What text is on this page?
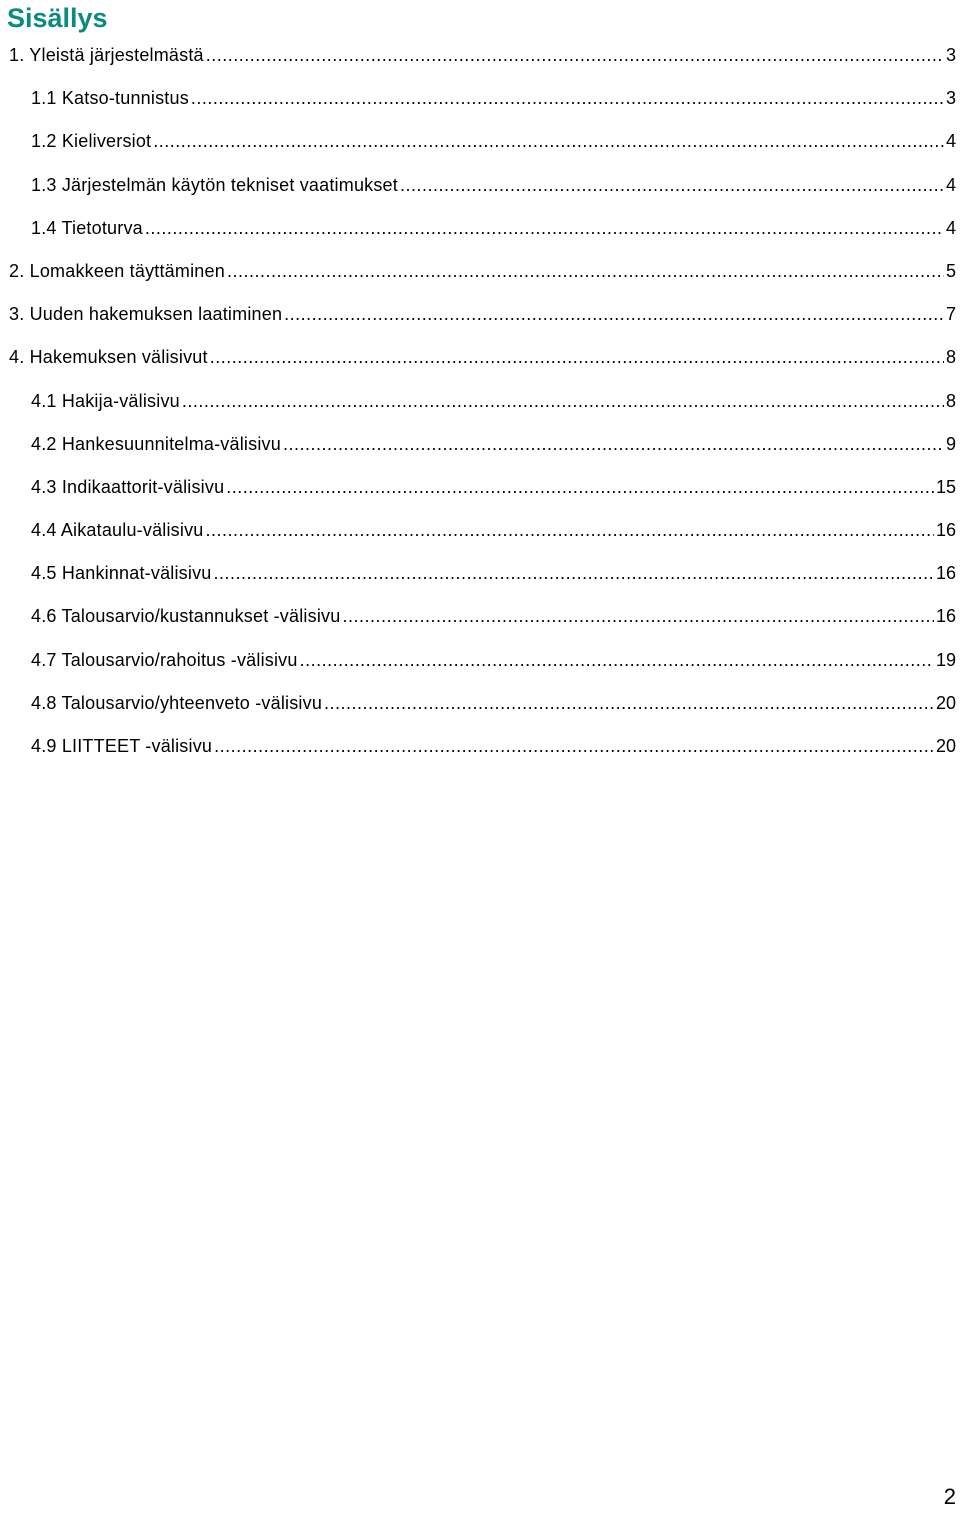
Sisällys
1. Yleistä järjestelmästä .....	3
1.1 Katso-tunnistus .....	3
1.2 Kieliversiot .....	4
1.3 Järjestelmän käytön tekniset vaatimukset .....	4
1.4 Tietoturva .....	4
2. Lomakkeen täyttäminen .....	5
3. Uuden hakemuksen laatiminen .....	7
4. Hakemuksen välisivut .....	8
4.1 Hakija-välisivu .....	8
4.2 Hankesuunnitelma-välisivu .....	9
4.3 Indikaattorit-välisivu .....	15
4.4 Aikataulu-välisivu .....	16
4.5 Hankinnat-välisivu .....	16
4.6 Talousarvio/kustannukset -välisivu .....	16
4.7 Talousarvio/rahoitus -välisivu .....	19
4.8 Talousarvio/yhteenveto -välisivu .....	20
4.9 LIITTEET -välisivu .....	20
2
